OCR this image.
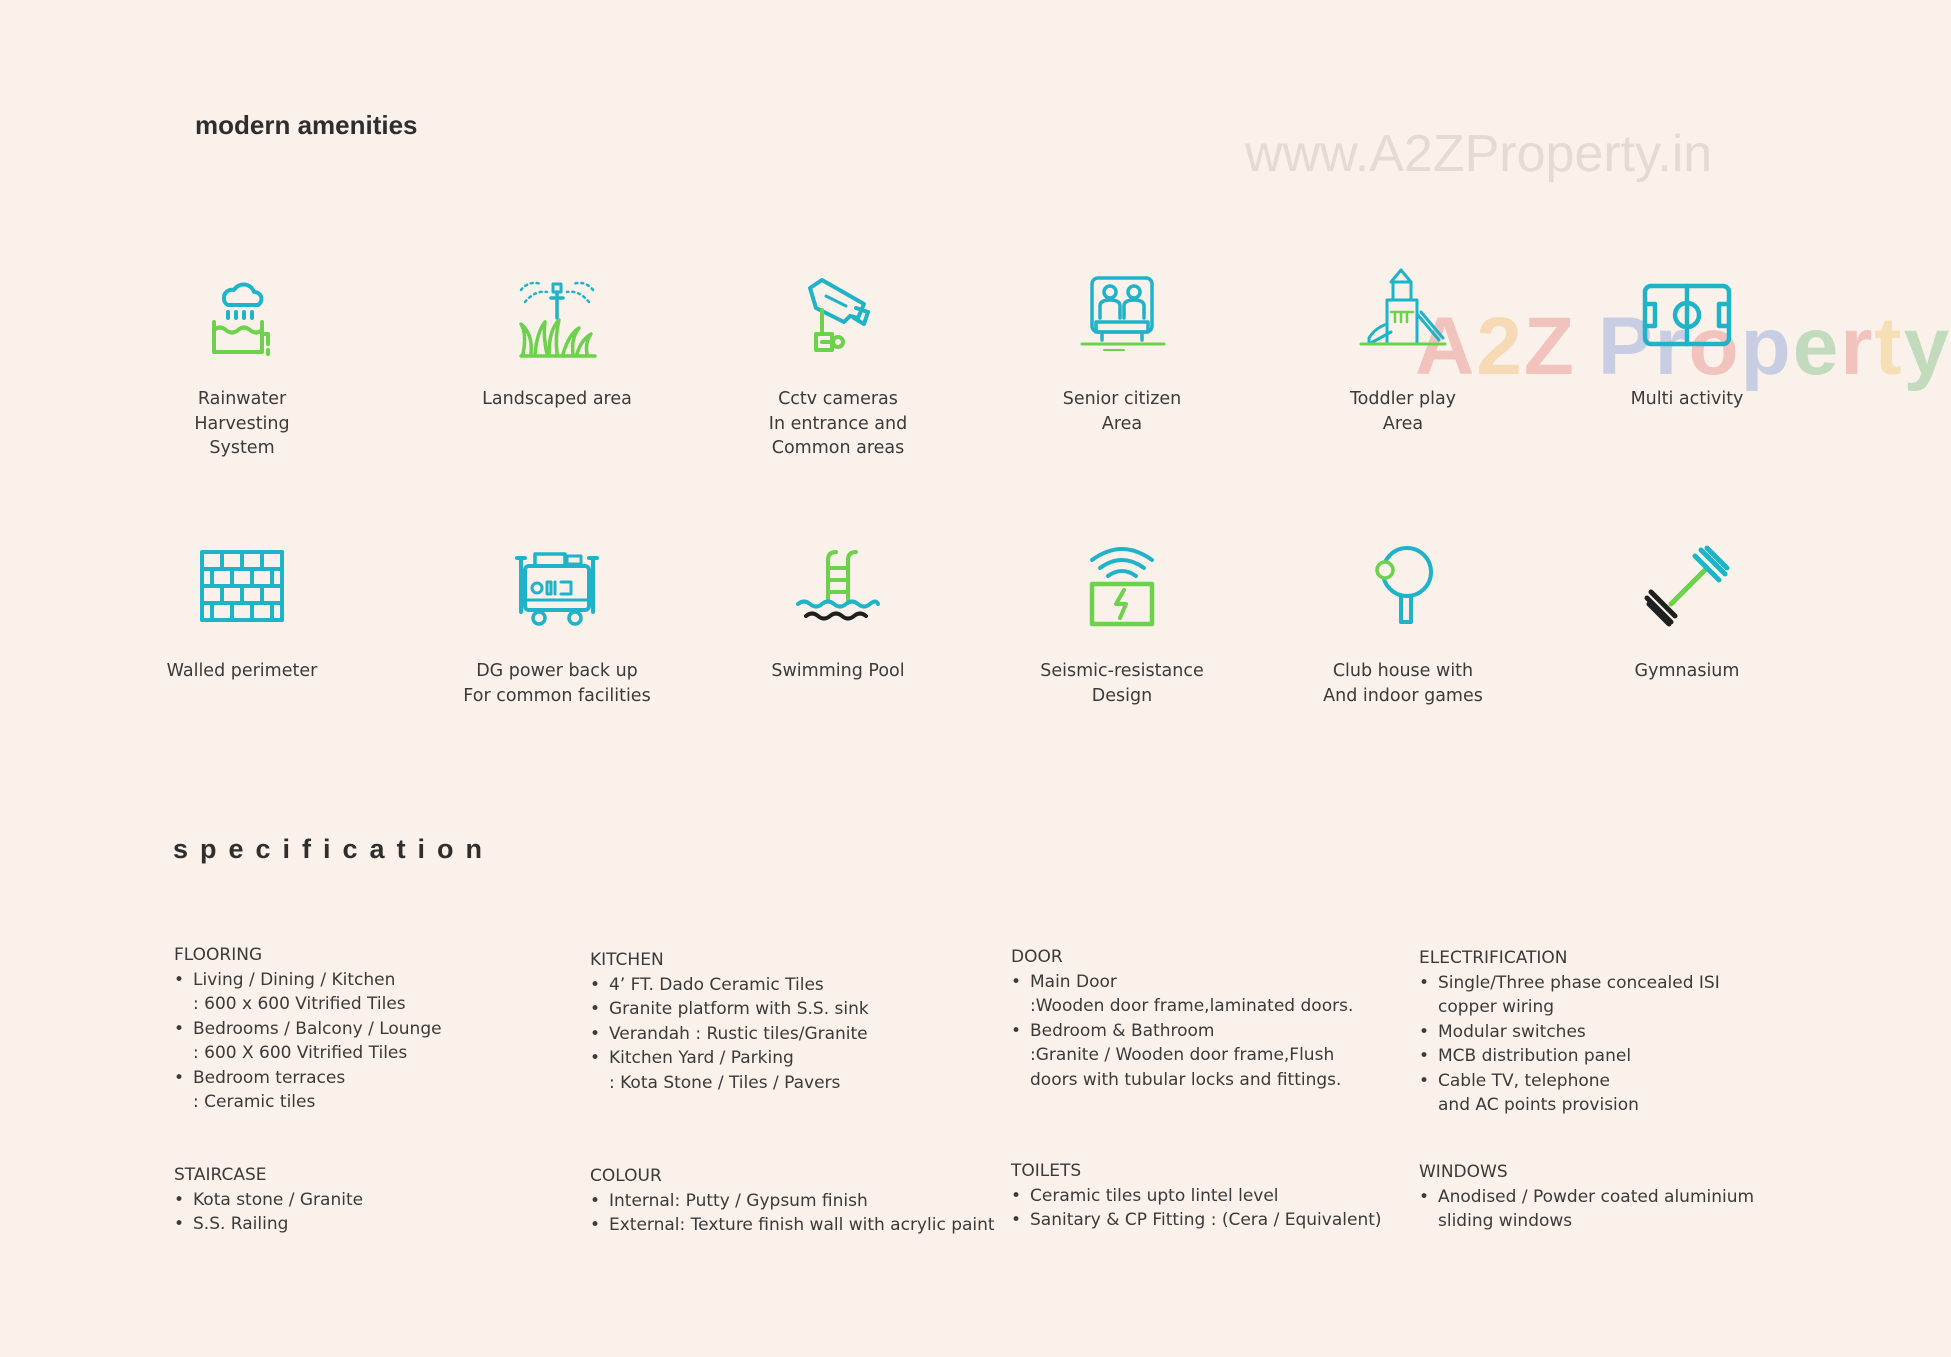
modern amenities	www.A2ZProperty.in
A2Z Property
Rainwater
Harvesting
System
Landscaped area	Cctv cameras
In entrance and
Common areas
Senior citizen
Area
Toddler play
Area
Multi activity
Walled perimeter	DG power back up
For common facilities
Swimming Pool	Seismic-resistance
Design
Club house with
And indoor games
Gymnasium
specification
FLOORING
• Living / Dining / Kitchen
: 600 x 600 Vitrified Tiles
• Bedrooms / Balcony / Lounge
: 600 X 600 Vitrified Tiles
• Bedroom terraces
: Ceramic tiles
KITCHEN
• 4’ FT. Dado Ceramic Tiles
• Granite platform with S.S. sink
• Verandah : Rustic tiles/Granite
• Kitchen Yard / Parking
: Kota Stone / Tiles / Pavers
DOOR
• Main Door
:Wooden door frame,laminated doors.
• Bedroom & Bathroom
:Granite / Wooden door frame,Flush
doors with tubular locks and fittings.
ELECTRIFICATION
• Single/Three phase concealed ISI
copper wiring
• Modular switches
• MCB distribution panel
• Cable TV, telephone
and AC points provision
STAIRCASE
• Kota stone / Granite
• S.S. Railing
COLOUR
• Internal: Putty / Gypsum finish
• External: Texture finish wall with acrylic paint
TOILETS
• Ceramic tiles upto lintel level
• Sanitary & CP Fitting : (Cera / Equivalent)
WINDOWS
• Anodised / Powder coated aluminium
sliding windows
